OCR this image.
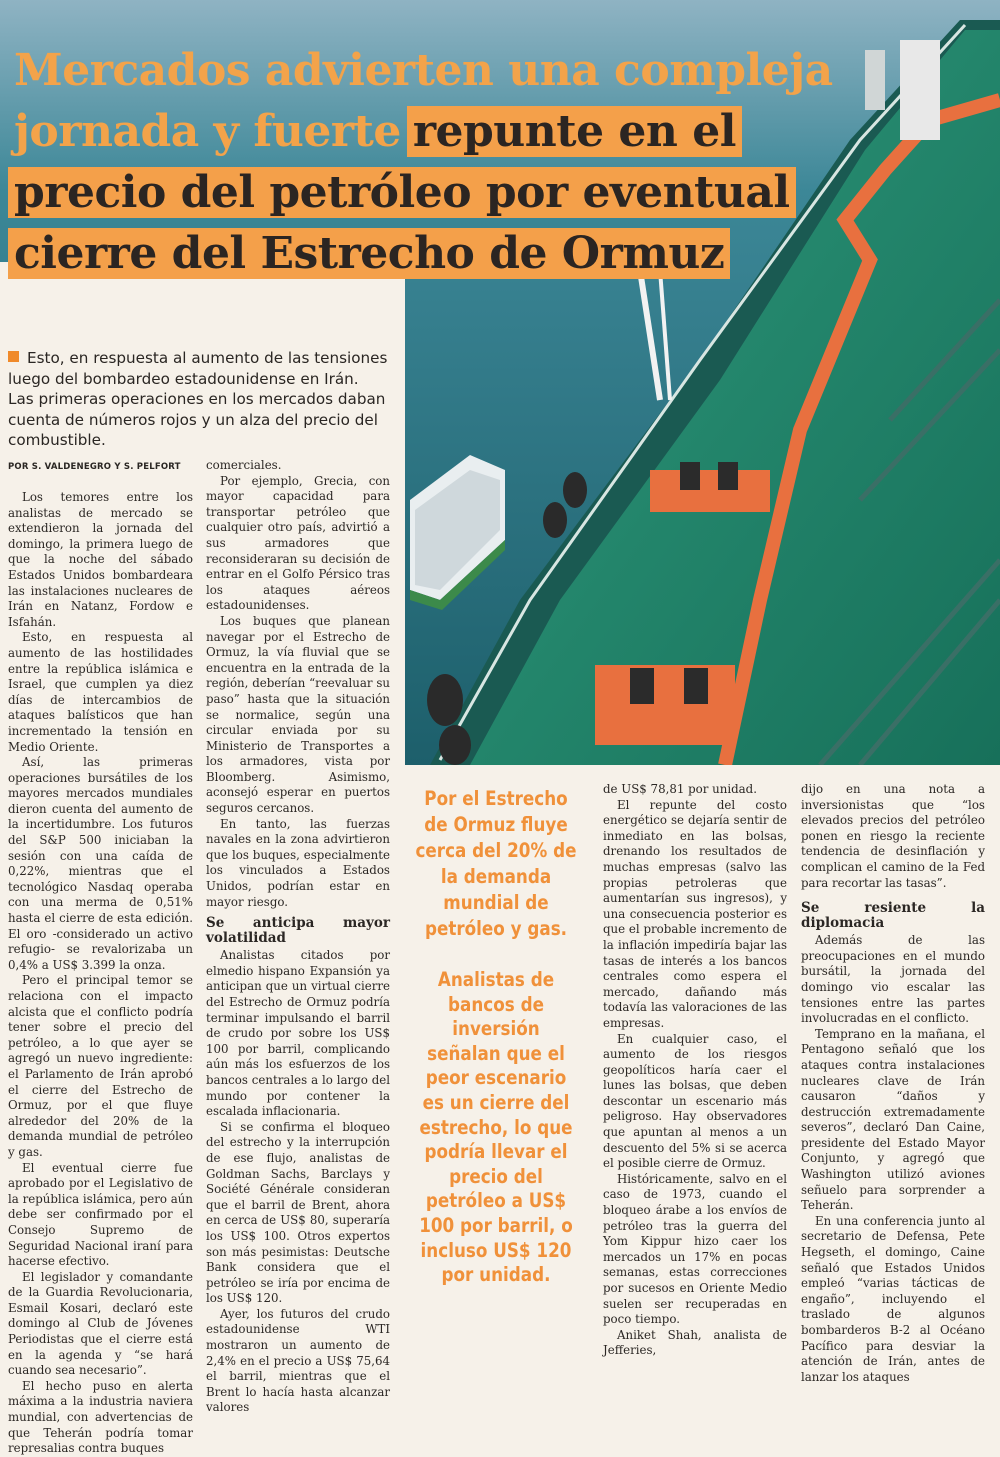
Mercados advierten una compleja
jornada y fuerte repunte en el
precio del petróleo por eventual
cierre del Estrecho de Ormuz
Esto, en respuesta al aumento de las tensiones luego del bombardeo estadounidense en Irán. Las primeras operaciones en los mercados daban cuenta de números rojos y un alza del precio del combustible.
POR S. VALDENEGRO Y S. PELFORT

Los temores entre los analistas de mercado se extendieron la jornada del domingo, la primera luego de que la noche del sábado Estados Unidos bombardeara las instalaciones nucleares de Irán en Natanz, Fordow e Isfahán.

Esto, en respuesta al aumento de las hostilidades entre la república islámica e Israel, que cumplen ya diez días de intercambios de ataques balísticos que han incrementado la tensión en Medio Oriente.

Así, las primeras operaciones bursátiles de los mayores mercados mundiales dieron cuenta del aumento de la incertidumbre. Los futuros del S&P 500 iniciaban la sesión con una caída de 0,22%, mientras que el tecnológico Nasdaq operaba con una merma de 0,51% hasta el cierre de esta edición. El oro -considerado un activo refugio- se revalorizaba un 0,4% a US$ 3.399 la onza.

Pero el principal temor se relaciona con el impacto alcista que el conflicto podría tener sobre el precio del petróleo, a lo que ayer se agregó un nuevo ingrediente: el Parlamento de Irán aprobó el cierre del Estrecho de Ormuz, por el que fluye alrededor del 20% de la demanda mundial de petróleo y gas.

El eventual cierre fue aprobado por el Legislativo de la república islámica, pero aún debe ser confirmado por el Consejo Supremo de Seguridad Nacional iraní para hacerse efectivo.

El legislador y comandante de la Guardia Revolucionaria, Esmail Kosari, declaró este domingo al Club de Jóvenes Periodistas que el cierre está en la agenda y “se hará cuando sea necesario”.

El hecho puso en alerta máxima a la industria naviera mundial, con advertencias de que Teherán podría tomar represalias contra buques

comerciales.

Por ejemplo, Grecia, con mayor capacidad para transportar petróleo que cualquier otro país, advirtió a sus armadores que reconsideraran su decisión de entrar en el Golfo Pérsico tras los ataques aéreos estadounidenses.

Los buques que planean navegar por el Estrecho de Ormuz, la vía fluvial que se encuentra en la entrada de la región, deberían “reevaluar su paso” hasta que la situación se normalice, según una circular enviada por su Ministerio de Transportes a los armadores, vista por Bloomberg. Asimismo, aconsejó esperar en puertos seguros cercanos.

En tanto, las fuerzas navales en la zona advirtieron que los buques, especialmente los vinculados a Estados Unidos, podrían estar en mayor riesgo.

Se anticipa mayor volatilidad

Analistas citados por elmedio hispano Expansión ya anticipan que un virtual cierre del Estrecho de Ormuz podría terminar impulsando el barril de crudo por sobre los US$ 100 por barril, complicando aún más los esfuerzos de los bancos centrales a lo largo del mundo por contener la escalada inflacionaria.

Si se confirma el bloqueo del estrecho y la interrupción de ese flujo, analistas de Goldman Sachs, Barclays y Société Générale consideran que el barril de Brent, ahora en cerca de US$ 80, superaría los US$ 100. Otros expertos son más pesimistas: Deutsche Bank considera que el petróleo se iría por encima de los US$ 120.

Ayer, los futuros del crudo estadounidense WTI mostraron un aumento de 2,4% en el precio a US$ 75,64 el barril, mientras que el Brent lo hacía hasta alcanzar valores

Por el Estrecho de Ormuz fluye cerca del 20% de la demanda mundial de petróleo y gas.
Analistas de bancos de inversión señalan que el peor escenario es un cierre del estrecho, lo que podría llevar el precio del petróleo a US$ 100 por barril, o incluso US$ 120 por unidad.

de US$ 78,81 por unidad.

El repunte del costo energético se dejaría sentir de inmediato en las bolsas, drenando los resultados de muchas empresas (salvo las propias petroleras que aumentarían sus ingresos), y una consecuencia posterior es que el probable incremento de la inflación impediría bajar las tasas de interés a los bancos centrales como espera el mercado, dañando más todavía las valoraciones de las empresas.

En cualquier caso, el aumento de los riesgos geopolíticos haría caer el lunes las bolsas, que deben descontar un escenario más peligroso. Hay observadores que apuntan al menos a un descuento del 5% si se acerca el posible cierre de Ormuz.

Históricamente, salvo en el caso de 1973, cuando el bloqueo árabe a los envíos de petróleo tras la guerra del Yom Kippur hizo caer los mercados un 17% en pocas semanas, estas correcciones por sucesos en Oriente Medio suelen ser recuperadas en poco tiempo.

Aniket Shah, analista de Jefferies,

dijo en una nota a inversionistas que “los elevados precios del petróleo ponen en riesgo la reciente tendencia de desinflación y complican el camino de la Fed para recortar las tasas”.

Se resiente la diplomacia

Además de las preocupaciones en el mundo bursátil, la jornada del domingo vio escalar las tensiones entre las partes involucradas en el conflicto.

Temprano en la mañana, el Pentagono señaló que los ataques contra instalaciones nucleares clave de Irán causaron “daños y destrucción extremadamente severos”, declaró Dan Caine, presidente del Estado Mayor Conjunto, y agregó que Washington utilizó aviones señuelo para sorprender a Teherán.

En una conferencia junto al secretario de Defensa, Pete Hegseth, el domingo, Caine señaló que Estados Unidos empleó “varias tácticas de engaño”, incluyendo el traslado de algunos bombarderos B-2 al Océano Pacífico para desviar la atención de Irán, antes de lanzar los ataques
